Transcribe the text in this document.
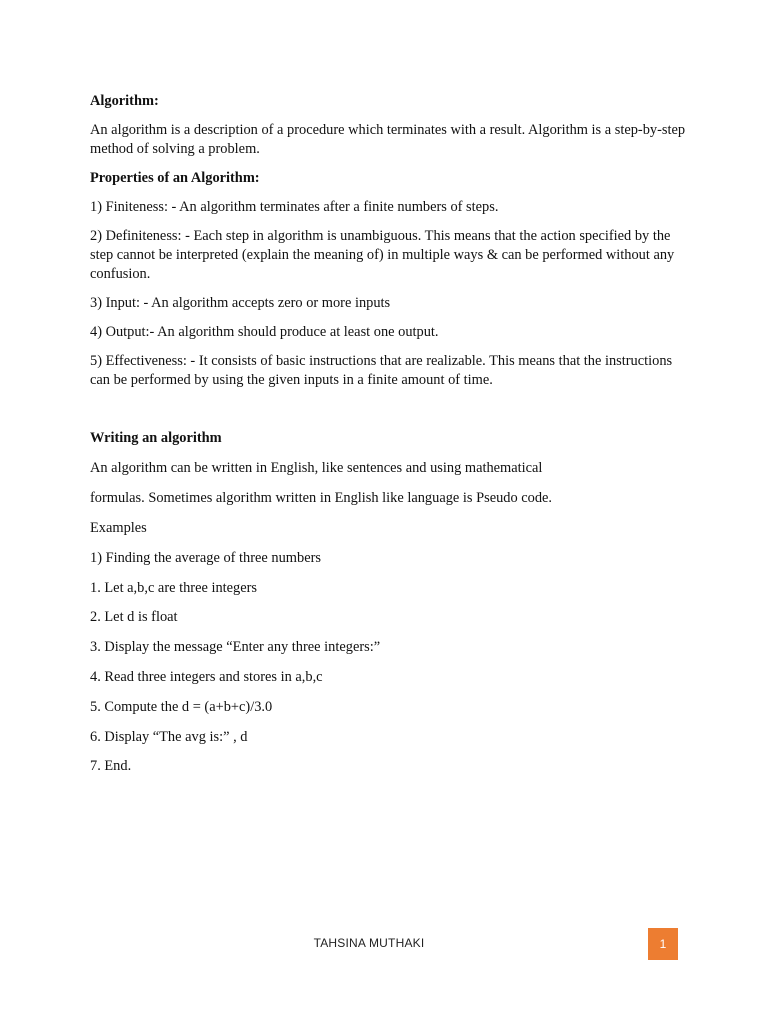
Algorithm:

An algorithm is a description of a procedure which terminates with a result. Algorithm is a step-by-step method of solving a problem.

Properties of an Algorithm:

1) Finiteness: - An algorithm terminates after a finite numbers of steps.

2) Definiteness: - Each step in algorithm is unambiguous. This means that the action specified by the step cannot be interpreted (explain the meaning of) in multiple ways & can be performed without any confusion.

3) Input: - An algorithm accepts zero or more inputs

4) Output:- An algorithm should produce at least one output.

5) Effectiveness: - It consists of basic instructions that are realizable. This means that the instructions can be performed by using the given inputs in a finite amount of time.

Writing an algorithm

An algorithm can be written in English, like sentences and using mathematical

formulas. Sometimes algorithm written in English like language is Pseudo code.

Examples

1) Finding the average of three numbers

1. Let a,b,c are three integers

2. Let d is float

3. Display the message “Enter any three integers:”

4. Read three integers and stores in a,b,c

5. Compute the d = (a+b+c)/3.0

6. Display “The avg is:” , d

7. End.

TAHSINA MUTHAKI	1
